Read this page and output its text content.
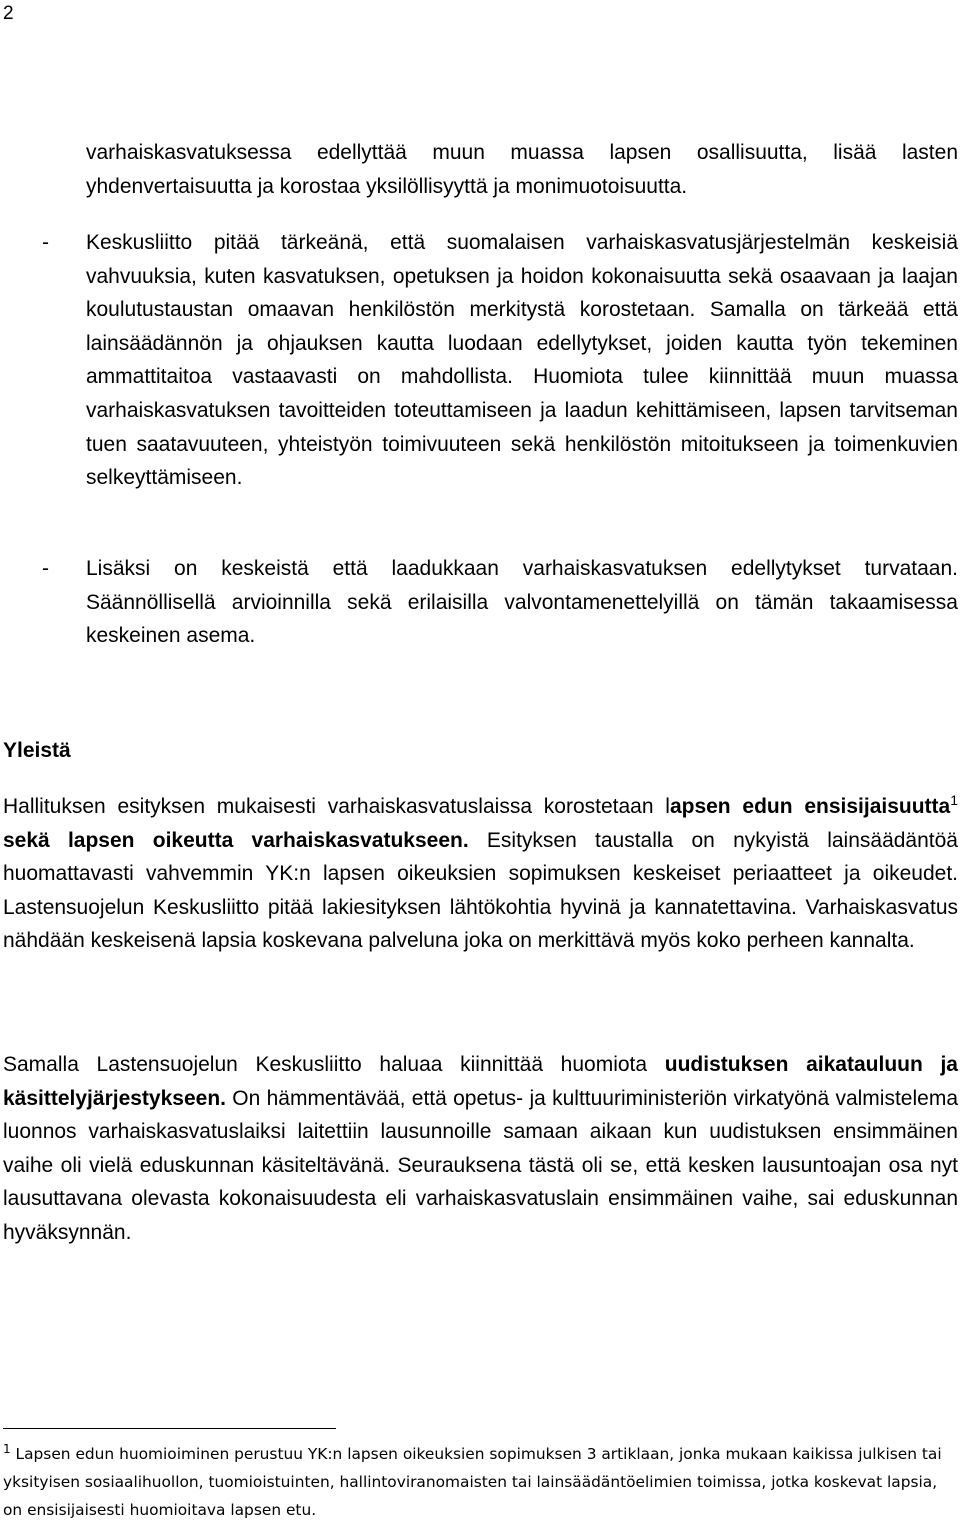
2

varhaiskasvatuksessa edellyttää muun muassa lapsen osallisuutta, lisää lasten yhdenvertaisuutta ja korostaa yksilöllisyyttä ja monimuotoisuutta.

- Keskusliitto pitää tärkeänä, että suomalaisen varhaiskasvatusjärjestelmän keskeisiä vahvuuksia, kuten kasvatuksen, opetuksen ja hoidon kokonaisuutta sekä osaavaan ja laajan koulutustaustan omaavan henkilöstön merkitystä korostetaan. Samalla on tärkeää että lainsäädännön ja ohjauksen kautta luodaan edellytykset, joiden kautta työn tekeminen ammattitaitoa vastaavasti on mahdollista. Huomiota tulee kiinnittää muun muassa varhaiskasvatuksen tavoitteiden toteuttamiseen ja laadun kehittämiseen, lapsen tarvitseman tuen saatavuuteen, yhteistyön toimivuuteen sekä henkilöstön mitoitukseen ja toimenkuvien selkeyttämiseen.

- Lisäksi on keskeistä että laadukkaan varhaiskasvatuksen edellytykset turvataan. Säännöllisellä arvioinnilla sekä erilaisilla valvontamenettelyillä on tämän takaamisessa keskeinen asema.

Yleistä

Hallituksen esityksen mukaisesti varhaiskasvatuslaissa korostetaan lapsen edun ensisijaisuutta$^1$ sekä lapsen oikeutta varhaiskasvatukseen. Esityksen taustalla on nykyistä lainsäädäntöä huomattavasti vahvemmin YK:n lapsen oikeuksien sopimuksen keskeiset periaatteet ja oikeudet. Lastensuojelun Keskusliitto pitää lakiesityksen lähtökohtia hyvinä ja kannatettavina. Varhaiskasvatus nähdään keskeisenä lapsia koskevana palveluna joka on merkittävä myös koko perheen kannalta.

Samalla Lastensuojelun Keskusliitto haluaa kiinnittää huomiota uudistuksen aikatauluun ja käsittelyjärjestykseen. On hämmentävää, että opetus- ja kulttuuriministeriön virkatyönä valmistelema luonnos varhaiskasvatuslaiksi laitettiin lausunnoille samaan aikaan kun uudistuksen ensimmäinen vaihe oli vielä eduskunnan käsiteltävänä. Seurauksena tästä oli se, että kesken lausuntoajan osa nyt lausuttavana olevasta kokonaisuudesta eli varhaiskasvatuslain ensimmäinen vaihe, sai eduskunnan hyväksynnän.

$^1$ Lapsen edun huomioiminen perustuu YK:n lapsen oikeuksien sopimuksen 3 artiklaan, jonka mukaan kaikissa julkisen tai yksityisen sosiaalihuollon, tuomioistuinten, hallintoviranomaisten tai lainsäädäntöelimien toimissa, jotka koskevat lapsia, on ensisijaisesti huomioitava lapsen etu.
